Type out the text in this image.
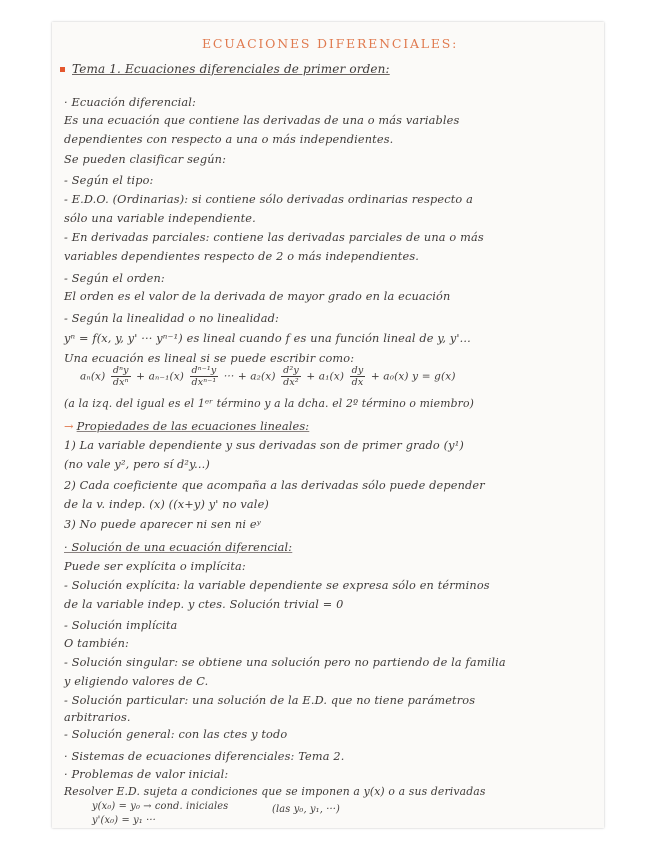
ECUACIONES DIFERENCIALES:
Tema 1. Ecuaciones diferenciales de primer orden:
· Ecuación diferencial:
Es una ecuación que contiene las derivadas de una o más variables
dependientes con respecto a una o más independientes.
Se pueden clasificar según:
- Según el tipo:
- E.D.O. (Ordinarias): si contiene sólo derivadas ordinarias respecto a
sólo una variable independiente.
- En derivadas parciales: contiene las derivadas parciales de una o más
variables dependientes respecto de 2 o más independientes.
- Según el orden:
El orden es el valor de la derivada de mayor grado en la ecuación
- Según la linealidad o no linealidad:
yⁿ = f(x, y, y' ··· yⁿ⁻¹) es lineal cuando f es una función lineal de y, y'...
Una ecuación es lineal si se puede escribir como:
$a_n(x) \frac{\text{dⁿy}}{\text{dxⁿ}} + a_{n-1}(x) \frac{\text{dⁿ⁻¹y}}{\text{dxⁿ⁻¹}}$ ··· + $a_2(x) \frac{\text{d²y}}{\text{dx²}} + a_1(x) \frac{dy}{dx} + a_0(x) y = g(x)$
(a la izq. del igual es el 1ᵉʳ término y a la dcha. el 2º término o miembro)
→ Propiedades de las ecuaciones lineales:
1) La variable dependiente y sus derivadas son de primer grado (y¹)
(no vale y², pero sí d²y...)
2) Cada coeficiente que acompaña a las derivadas sólo puede depender
de la v. indep. (x) ((x+y) y' no vale)
3) No puede aparecer ni sen ni eʸ
· Solución de una ecuación diferencial:
Puede ser explícita o implícita:
- Solución explícita: la variable dependiente se expresa sólo en términos
de la variable indep. y ctes. Solución trivial = 0
- Solución implícita
O también:
- Solución singular: se obtiene una solución pero no partiendo de la familia
y eligiendo valores de C.
- Solución particular: una solución de la E.D. que no tiene parámetros
arbitrarios.
- Solución general: con las ctes y todo
· Sistemas de ecuaciones diferenciales: Tema 2.
· Problemas de valor inicial:
Resolver E.D. sujeta a condiciones que se imponen a y(x) o a sus derivadas
y(x₀) = y₀ → cond. iniciales	(las y₀, y₁, ···)
y'(x₀) = y₁ ···
